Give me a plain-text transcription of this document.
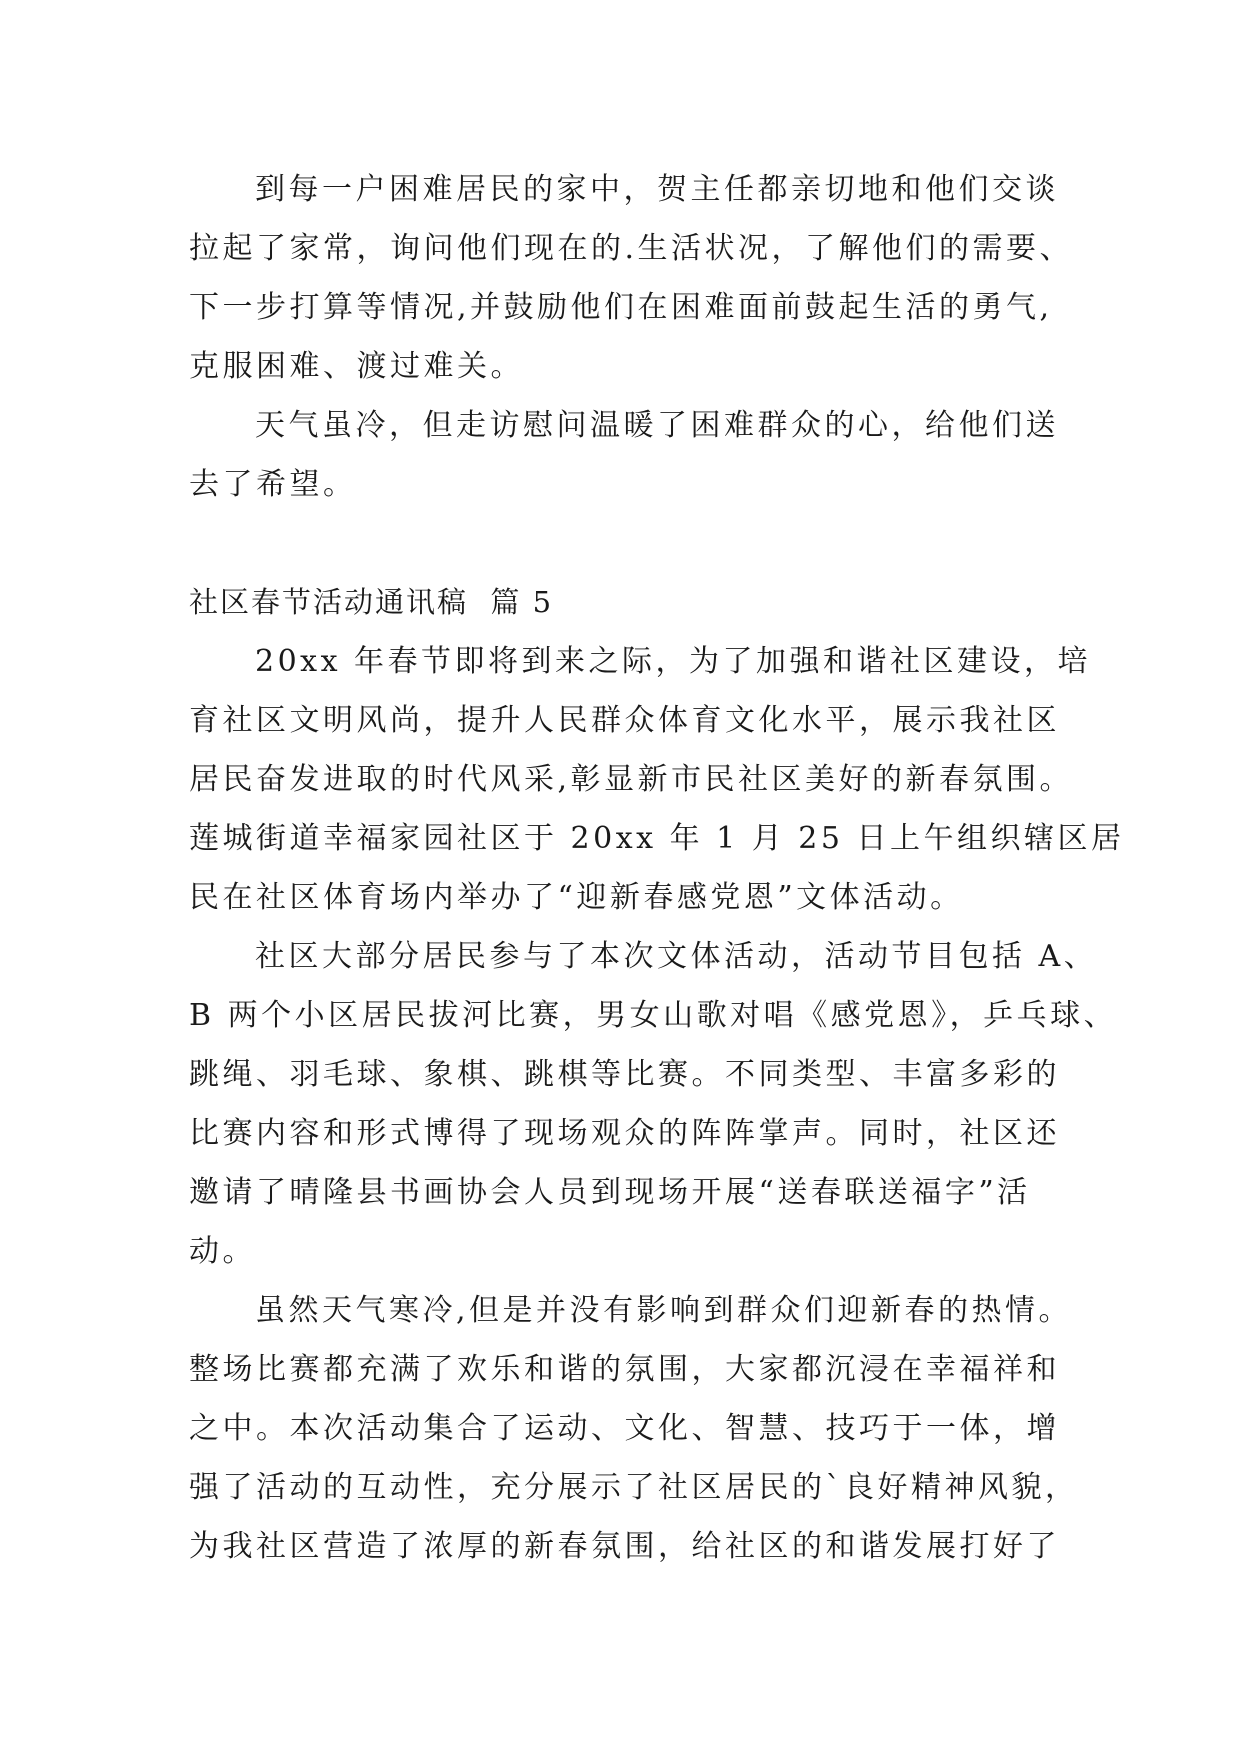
到每一户困难居民的家中，贺主任都亲切地和他们交谈
拉起了家常，询问他们现在的.生活状况，了解他们的需要、
下一步打算等情况,并鼓励他们在困难面前鼓起生活的勇气,
克服困难、渡过难关。
天气虽冷，但走访慰问温暖了困难群众的心，给他们送
去了希望。
社区春节活动通讯稿  篇 5
20xx 年春节即将到来之际，为了加强和谐社区建设，培
育社区文明风尚，提升人民群众体育文化水平，展示我社区
居民奋发进取的时代风采,彰显新市民社区美好的新春氛围。
莲城街道幸福家园社区于 20xx 年 1 月 25 日上午组织辖区居
民在社区体育场内举办了“迎新春感党恩”文体活动。
社区大部分居民参与了本次文体活动，活动节目包括 A、
B 两个小区居民拔河比赛，男女山歌对唱《感党恩》，乒乓球、
跳绳、羽毛球、象棋、跳棋等比赛。不同类型、丰富多彩的
比赛内容和形式博得了现场观众的阵阵掌声。同时，社区还
邀请了晴隆县书画协会人员到现场开展“送春联送福字”活
动。
虽然天气寒冷,但是并没有影响到群众们迎新春的热情。
整场比赛都充满了欢乐和谐的氛围，大家都沉浸在幸福祥和
之中。本次活动集合了运动、文化、智慧、技巧于一体，增
强了活动的互动性，充分展示了社区居民的`良好精神风貌，
为我社区营造了浓厚的新春氛围，给社区的和谐发展打好了
